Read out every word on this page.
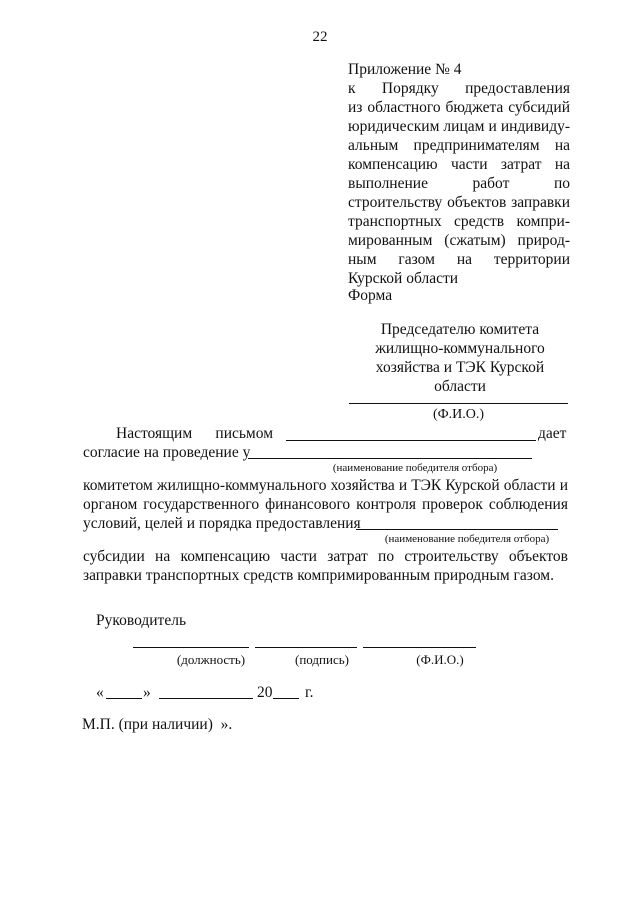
22
Приложение № 4
к Порядку предоставления
из областного бюджета субсидий
юридическим лицам и индивиду-
альным предпринимателям на
компенсацию части затрат на
выполнение работ по
строительству объектов заправки
транспортных средств компри-
мированным (сжатым) природ-
ным газом на территории
Курской области
Форма
Председателю комитета
жилищно-коммунального
хозяйства и ТЭК Курской
области
(Ф.И.О.)
Настоящим      письмом	дает
согласие на проведение у
(наименование победителя отбора)
комитетом жилищно-коммунального хозяйства и ТЭК Курской области и
органом государственного финансового контроля проверок соблюдения
условий, целей и порядка предоставления
(наименование победителя отбора)
субсидии на компенсацию части затрат по строительству объектов
заправки транспортных средств компримированным природным газом.
Руководитель
(должность)	(подпись)	(Ф.И.О.)
«	»	20 г.
М.П. (при наличии)  ».
